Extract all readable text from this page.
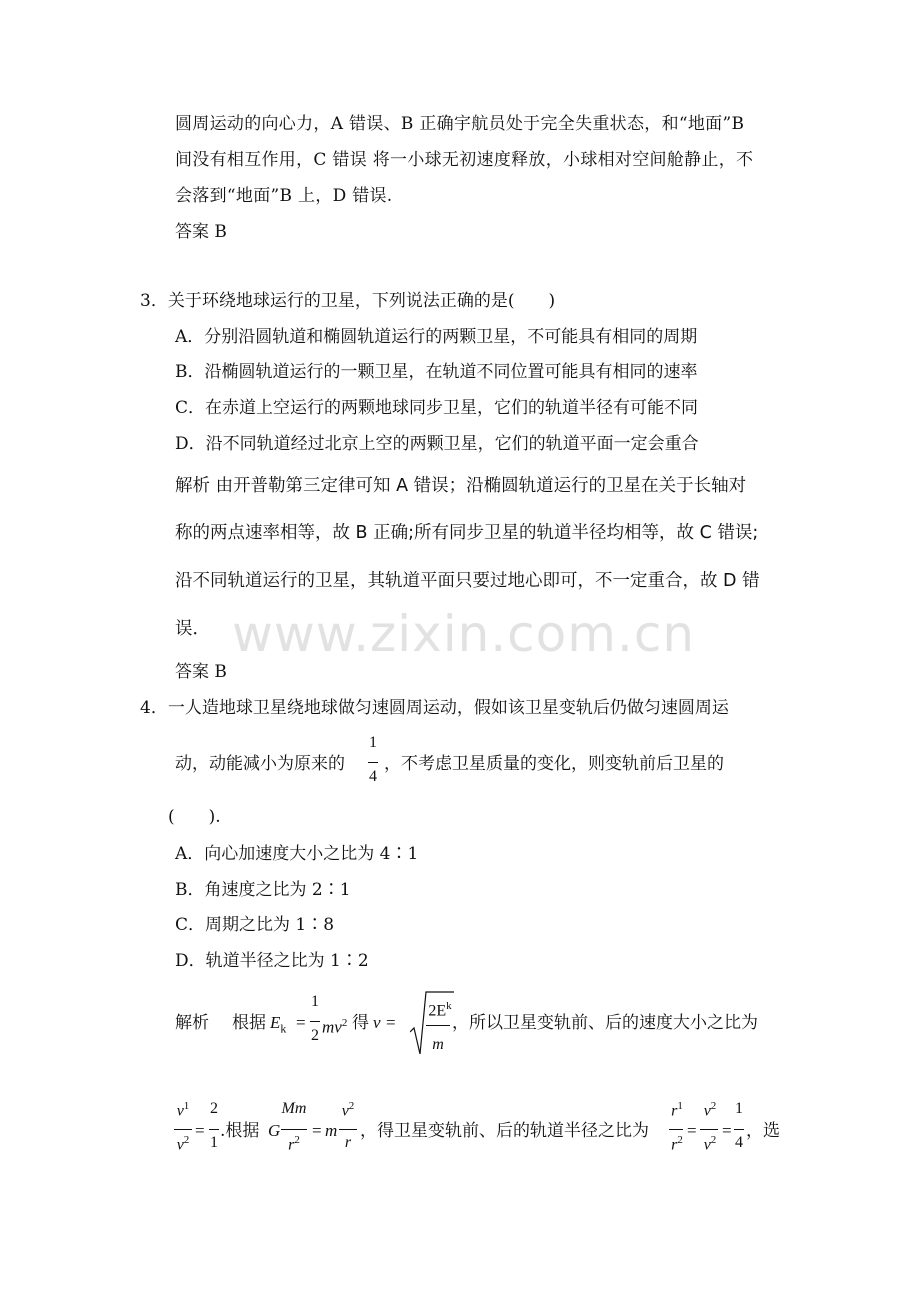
圆周运动的向心力，A 错误、B 正确宇航员处于完全失重状态，和“地面”B
间没有相互作用，C 错误 将一小球无初速度释放，小球相对空间舱静止，不
会落到“地面”B 上，D 错误.
答案 B
3．关于环绕地球运行的卫星，下列说法正确的是(　　)
A．分别沿圆轨道和椭圆轨道运行的两颗卫星，不可能具有相同的周期
B．沿椭圆轨道运行的一颗卫星，在轨道不同位置可能具有相同的速率
C．在赤道上空运行的两颗地球同步卫星，它们的轨道半径有可能不同
D．沿不同轨道经过北京上空的两颗卫星，它们的轨道平面一定会重合
解析 由开普勒第三定律可知 A 错误；沿椭圆轨道运行的卫星在关于长轴对
称的两点速率相等，故 B 正确;所有同步卫星的轨道半径均相等，故 C 错误;
沿不同轨道运行的卫星，其轨道平面只要过地心即可，不一定重合，故 D 错
误．
答案 B
www.zixin.com.cn
4．一人造地球卫星绕地球做匀速圆周运动，假如该卫星变轨后仍做匀速圆周运
动，动能减小为原来的
1
4
，不考虑卫星质量的变化，则变轨前后卫星的
(　　).
A．向心加速度大小之比为 4∶1
B．角速度之比为 2∶1
C．周期之比为 1∶8
D．轨道半径之比为 1∶2
解析 根据 $E_k$ =
1
2 $mv^2$ 得 v =
$2E^k$
m
，所以卫星变轨前、后的速度大小之比为
$v^1$
$v^2$ =
2
1
.根据 G
Mm
$r^2 = m$
$v^2$
r
，得卫星变轨前、后的轨道半径之比为
$r^1$
$r^2$ =
$v^2$
$v^2$ =
1
4
，选
